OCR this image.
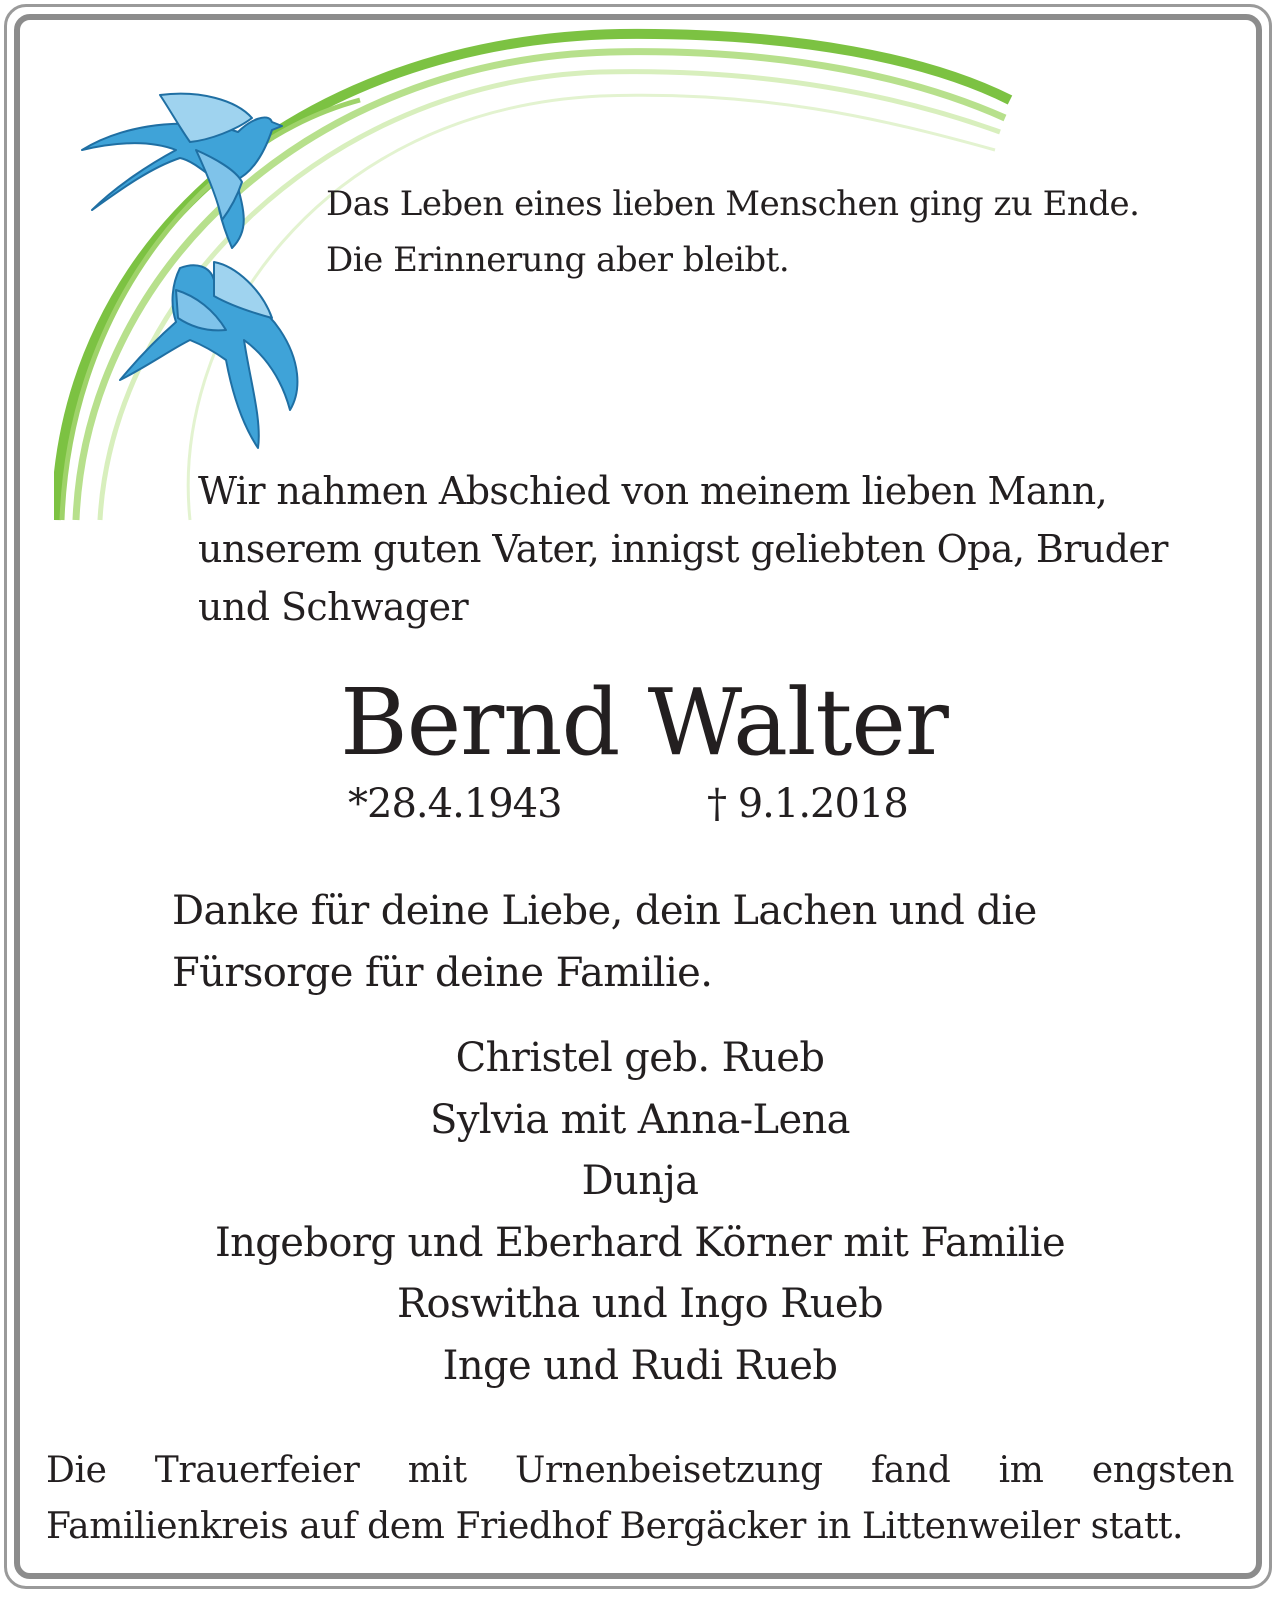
Das Leben eines lieben Menschen ging zu Ende.
Die Erinnerung aber bleibt.
Wir nahmen Abschied von meinem lieben Mann,
unserem guten Vater, innigst geliebten Opa, Bruder
und Schwager
Bernd Walter
*28.4.1943	† 9.1.2018
Danke für deine Liebe, dein Lachen und die
Fürsorge für deine Familie.
Christel geb. Rueb
Sylvia mit Anna-Lena
Dunja
Ingeborg und Eberhard Körner mit Familie
Roswitha und Ingo Rueb
Inge und Rudi Rueb
Die Trauerfeier mit Urnenbeisetzung fand im engsten
Familienkreis auf dem Friedhof Bergäcker in Littenweiler statt.
